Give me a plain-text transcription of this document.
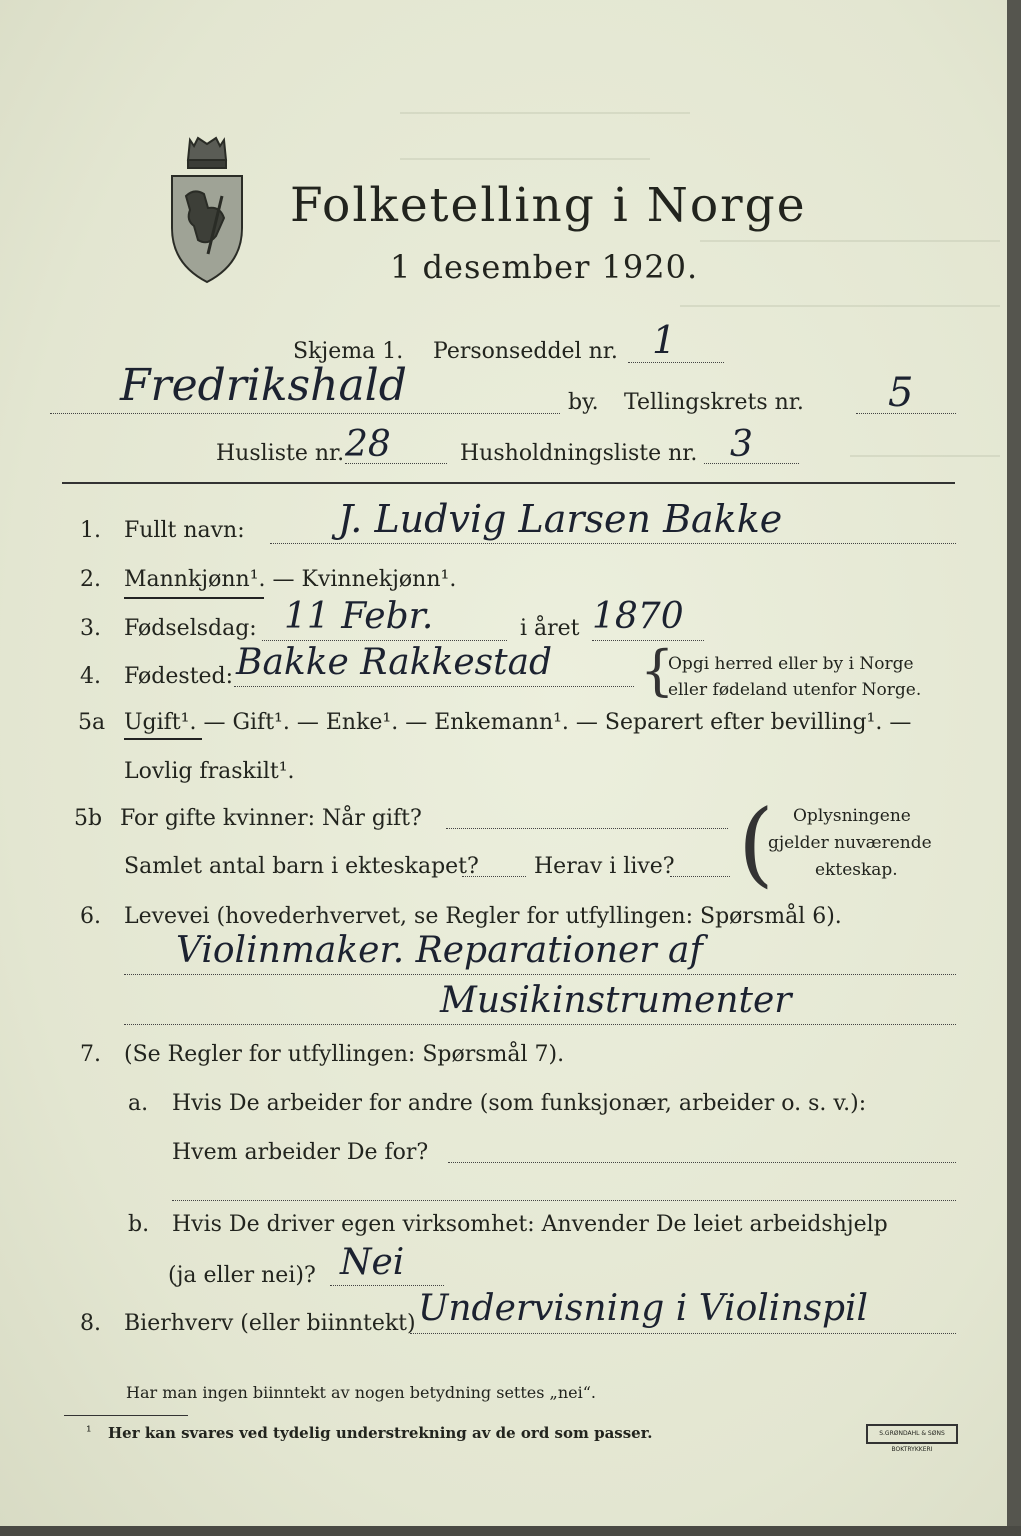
Folketelling i Norge
1 desember 1920.
Skjema 1. Personseddel nr. 1
Fredrikshald	by. Tellingskrets nr. 5
Husliste nr. 28	Husholdningsliste nr. 3
1. Fullt navn: J. Ludvig Larsen Bakke
2. Mannkjønn¹. — Kvinnekjønn¹.
3. Fødselsdag: 11 Febr.	i året 1870
4. Fødested: Bakke Rakkestad {
Opgi herred eller by i Norge
eller fødeland utenfor Norge.
5a Ugift¹. — Gift¹. — Enke¹. — Enkemann¹. — Separert efter bevilling¹. —
Lovlig fraskilt¹.
5b For gifte kvinner: Når gift?
Samlet antal barn i ekteskapet?	Herav i live? ( Oplysningene
gjelder nuværende
ekteskap.
6. Levevei (hovederhvervet, se Regler for utfyllingen: Spørsmål 6).
Violinmaker. Reparationer af
Musikinstrumenter
7. (Se Regler for utfyllingen: Spørsmål 7).
a. Hvis De arbeider for andre (som funksjonær, arbeider o. s. v.):
Hvem arbeider De for?
b. Hvis De driver egen virksomhet: Anvender De leiet arbeidshjelp
(ja eller nei)? Nei
8. Bierhverv (eller biinntekt) Undervisning i Violinspil
Har man ingen biinntekt av nogen betydning settes „nei“.
¹ Her kan svares ved tydelig understrekning av de ord som passer.	S.GRØNDAHL & SØNS BOKTRYKKERI
